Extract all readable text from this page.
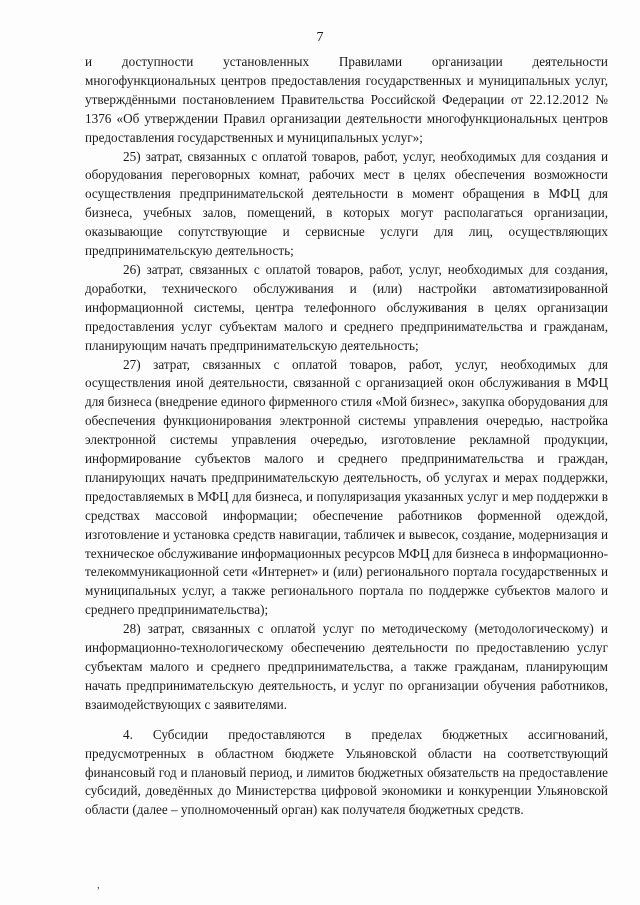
7

и доступности установленных Правилами организации деятельности многофункциональных центров предоставления государственных и муниципальных услуг, утверждёнными постановлением Правительства Российской Федерации от 22.12.2012 № 1376 «Об утверждении Правил организации деятельности многофункциональных центров предоставления государственных и муниципальных услуг»;

25) затрат, связанных с оплатой товаров, работ, услуг, необходимых для создания и оборудования переговорных комнат, рабочих мест в целях обеспечения возможности осуществления предпринимательской деятельности в момент обращения в МФЦ для бизнеса, учебных залов, помещений, в которых могут располагаться организации, оказывающие сопутствующие и сервисные услуги для лиц, осуществляющих предпринимательскую деятельность;

26) затрат, связанных с оплатой товаров, работ, услуг, необходимых для создания, доработки, технического обслуживания и (или) настройки автоматизированной информационной системы, центра телефонного обслуживания в целях организации предоставления услуг субъектам малого и среднего предпринимательства и гражданам, планирующим начать предпринимательскую деятельность;

27) затрат, связанных с оплатой товаров, работ, услуг, необходимых для осуществления иной деятельности, связанной с организацией окон обслуживания в МФЦ для бизнеса (внедрение единого фирменного стиля «Мой бизнес», закупка оборудования для обеспечения функционирования электронной системы управления очередью, настройка электронной системы управления очередью, изготовление рекламной продукции, информирование субъектов малого и среднего предпринимательства и граждан, планирующих начать предпринимательскую деятельность, об услугах и мерах поддержки, предоставляемых в МФЦ для бизнеса, и популяризация указанных услуг и мер поддержки в средствах массовой информации; обеспечение работников форменной одеждой, изготовление и установка средств навигации, табличек и вывесок, создание, модернизация и техническое обслуживание информационных ресурсов МФЦ для бизнеса в информационно-телекоммуникационной сети «Интернет» и (или) регионального портала государственных и муниципальных услуг, а также регионального портала по поддержке субъектов малого и среднего предпринимательства);

28) затрат, связанных с оплатой услуг по методическому (методологическому) и информационно-технологическому обеспечению деятельности по предоставлению услуг субъектам малого и среднего предпринимательства, а также гражданам, планирующим начать предпринимательскую деятельность, и услуг по организации обучения работников, взаимодействующих с заявителями.

4. Субсидии предоставляются в пределах бюджетных ассигнований, предусмотренных в областном бюджете Ульяновской области на соответствующий финансовый год и плановый период, и лимитов бюджетных обязательств на предоставление субсидий, доведённых до Министерства цифровой экономики и конкуренции Ульяновской области (далее – уполномоченный орган) как получателя бюджетных средств.

,
